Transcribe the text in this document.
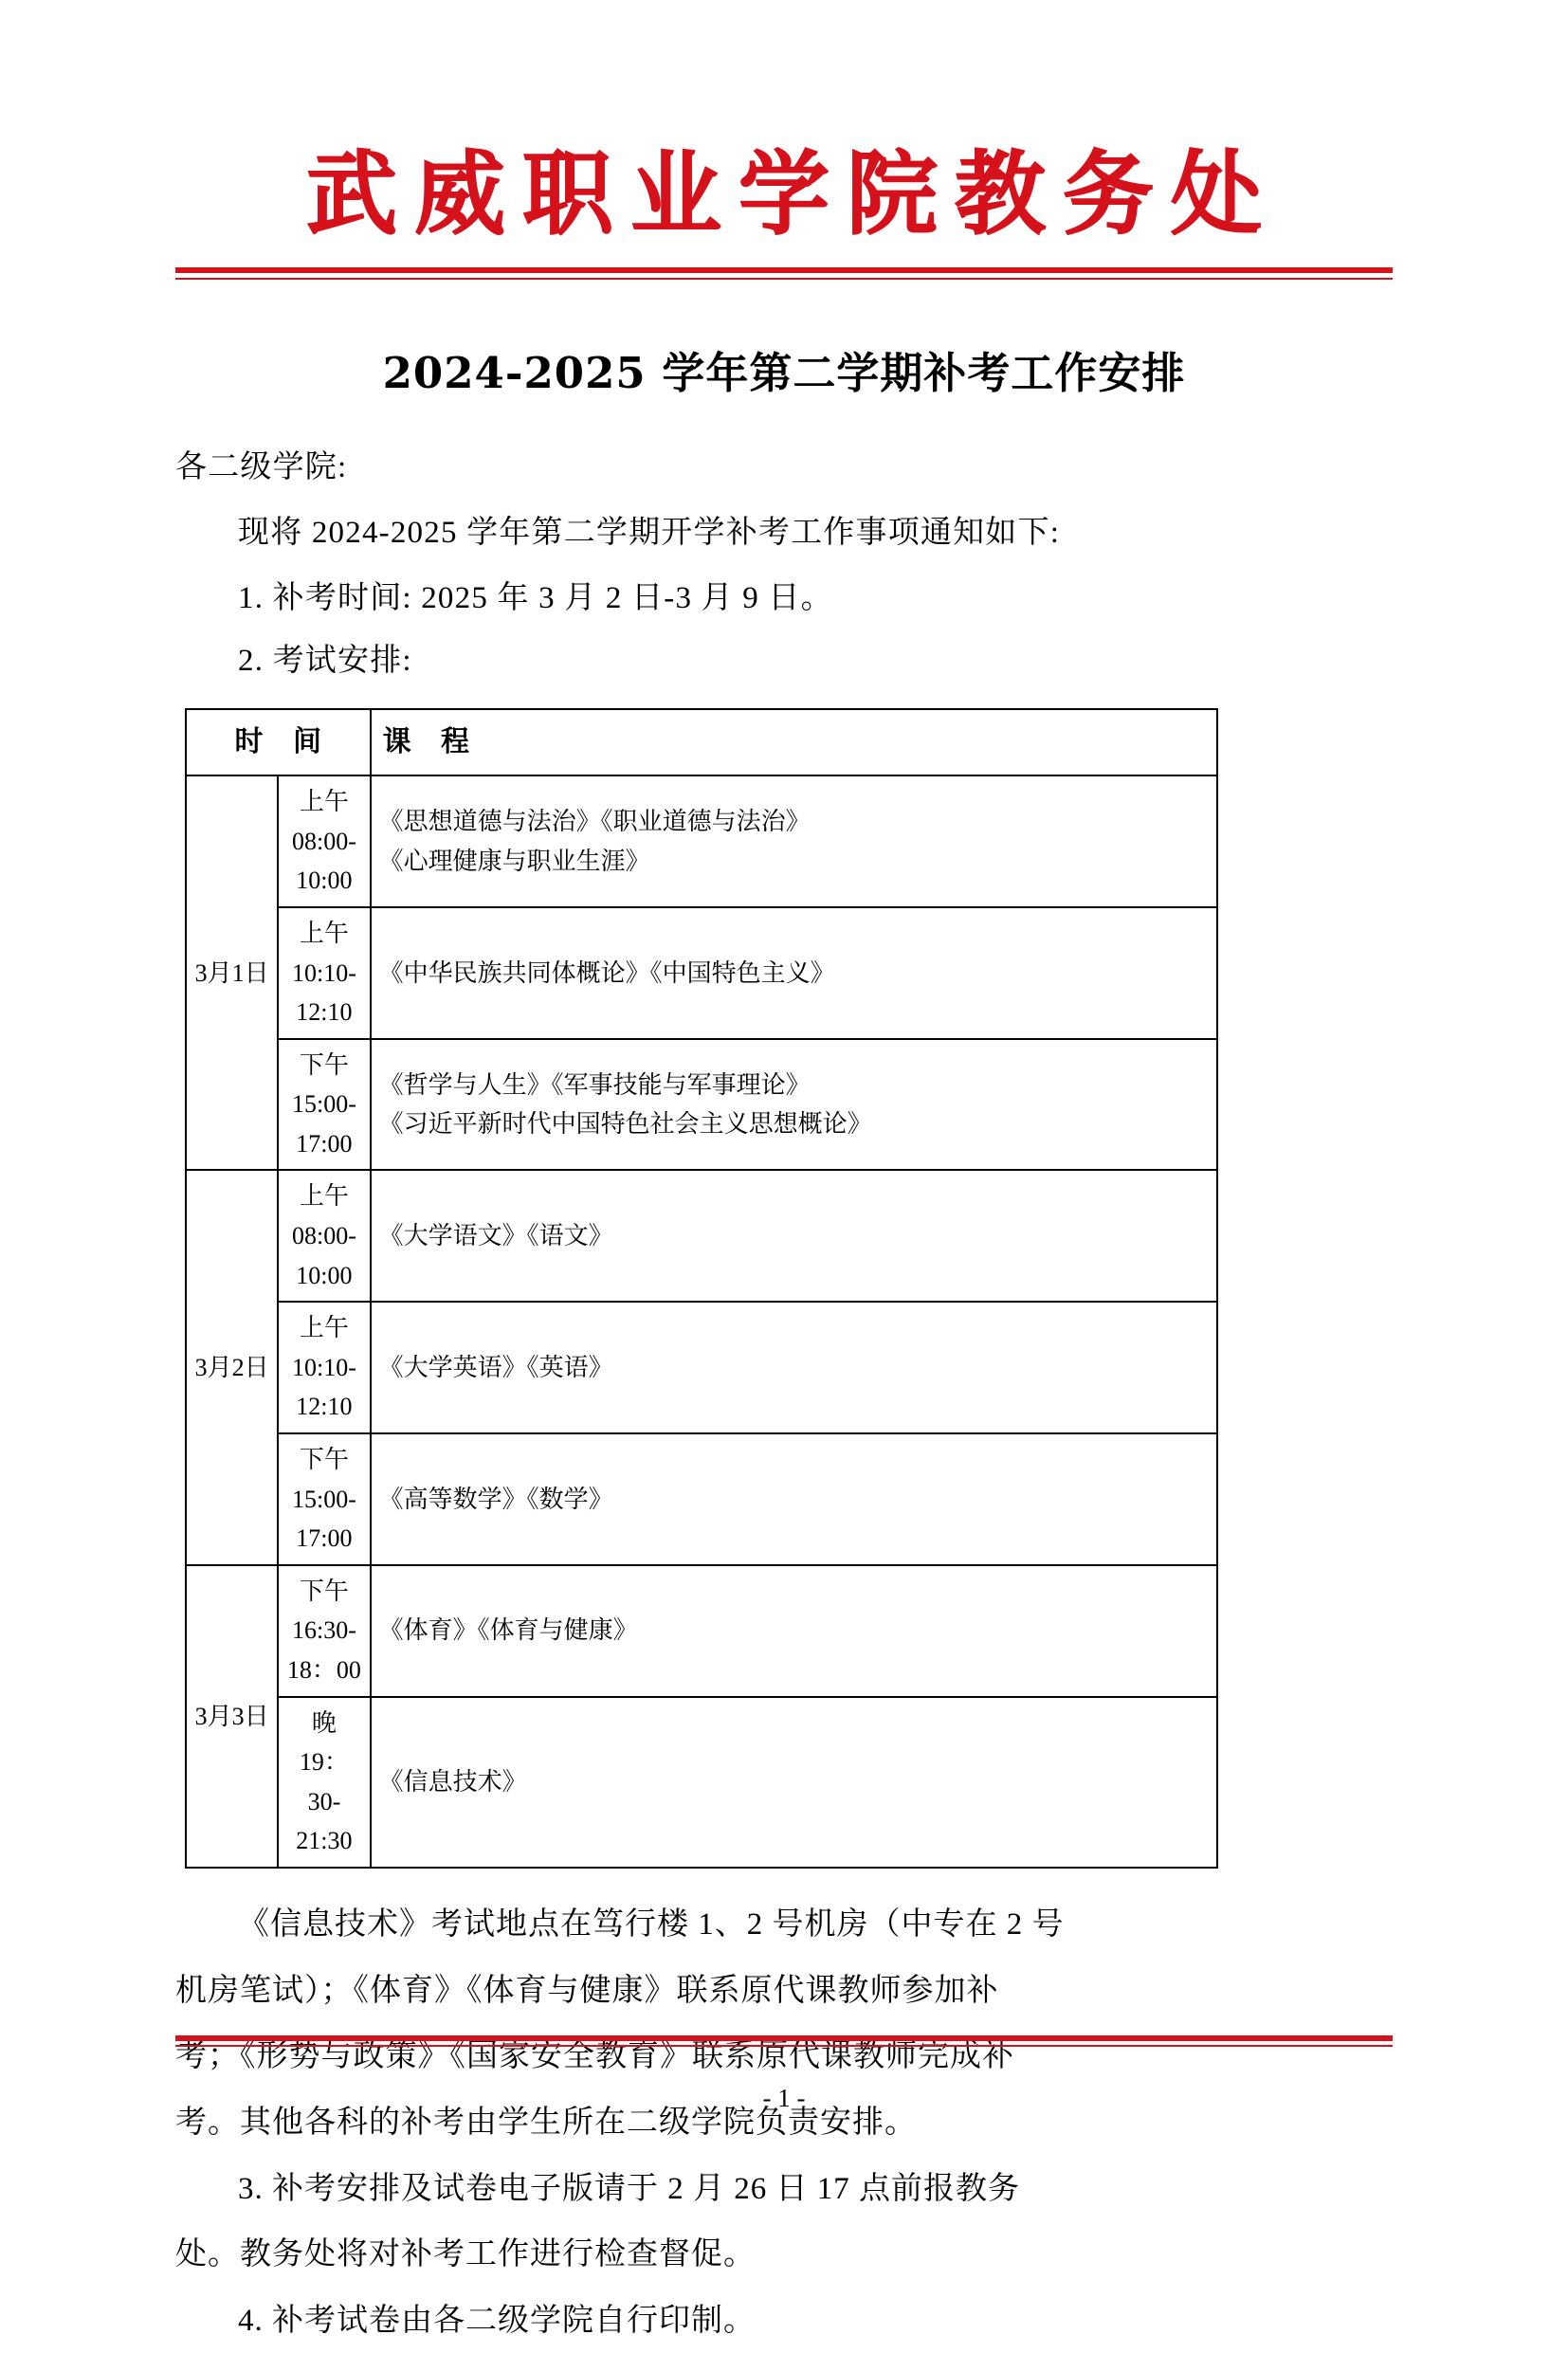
武威职业学院教务处
2024-2025 学年第二学期补考工作安排

各二级学院:

现将 2024-2025 学年第二学期开学补考工作事项通知如下:

1. 补考时间: 2025 年 3 月 2 日-3 月 9 日。

2. 考试安排:

时 间		课 程
3月1日	上午 08:00-10:00	《思想道德与法治》《职业道德与法治》
《心理健康与职业生涯》

	上午 10:10-12:10	《中华民族共同体概论》《中国特色主义》

	下午 15:00-17:00	《哲学与人生》《军事技能与军事理论》
《习近平新时代中国特色社会主义思想概论》

3月2日	上午 08:00-10:00	《大学语文》《语文》

	上午 10:10-12:10	《大学英语》《英语》

	下午 15:00-17:00	《高等数学》《数学》

3月3日	下午 16:30-18：00	《体育》《体育与健康》

	晚 19：30-21:30	《信息技术》

《信息技术》考试地点在笃行楼 1、2 号机房（中专在 2 号

机房笔试）；《体育》《体育与健康》联系原代课教师参加补

考；《形势与政策》《国家安全教育》联系原代课教师完成补

考。其他各科的补考由学生所在二级学院负责安排。

3. 补考安排及试卷电子版请于 2 月 26 日 17 点前报教务

处。教务处将对补考工作进行检查督促。

4. 补考试卷由各二级学院自行印制。

- 1 -
